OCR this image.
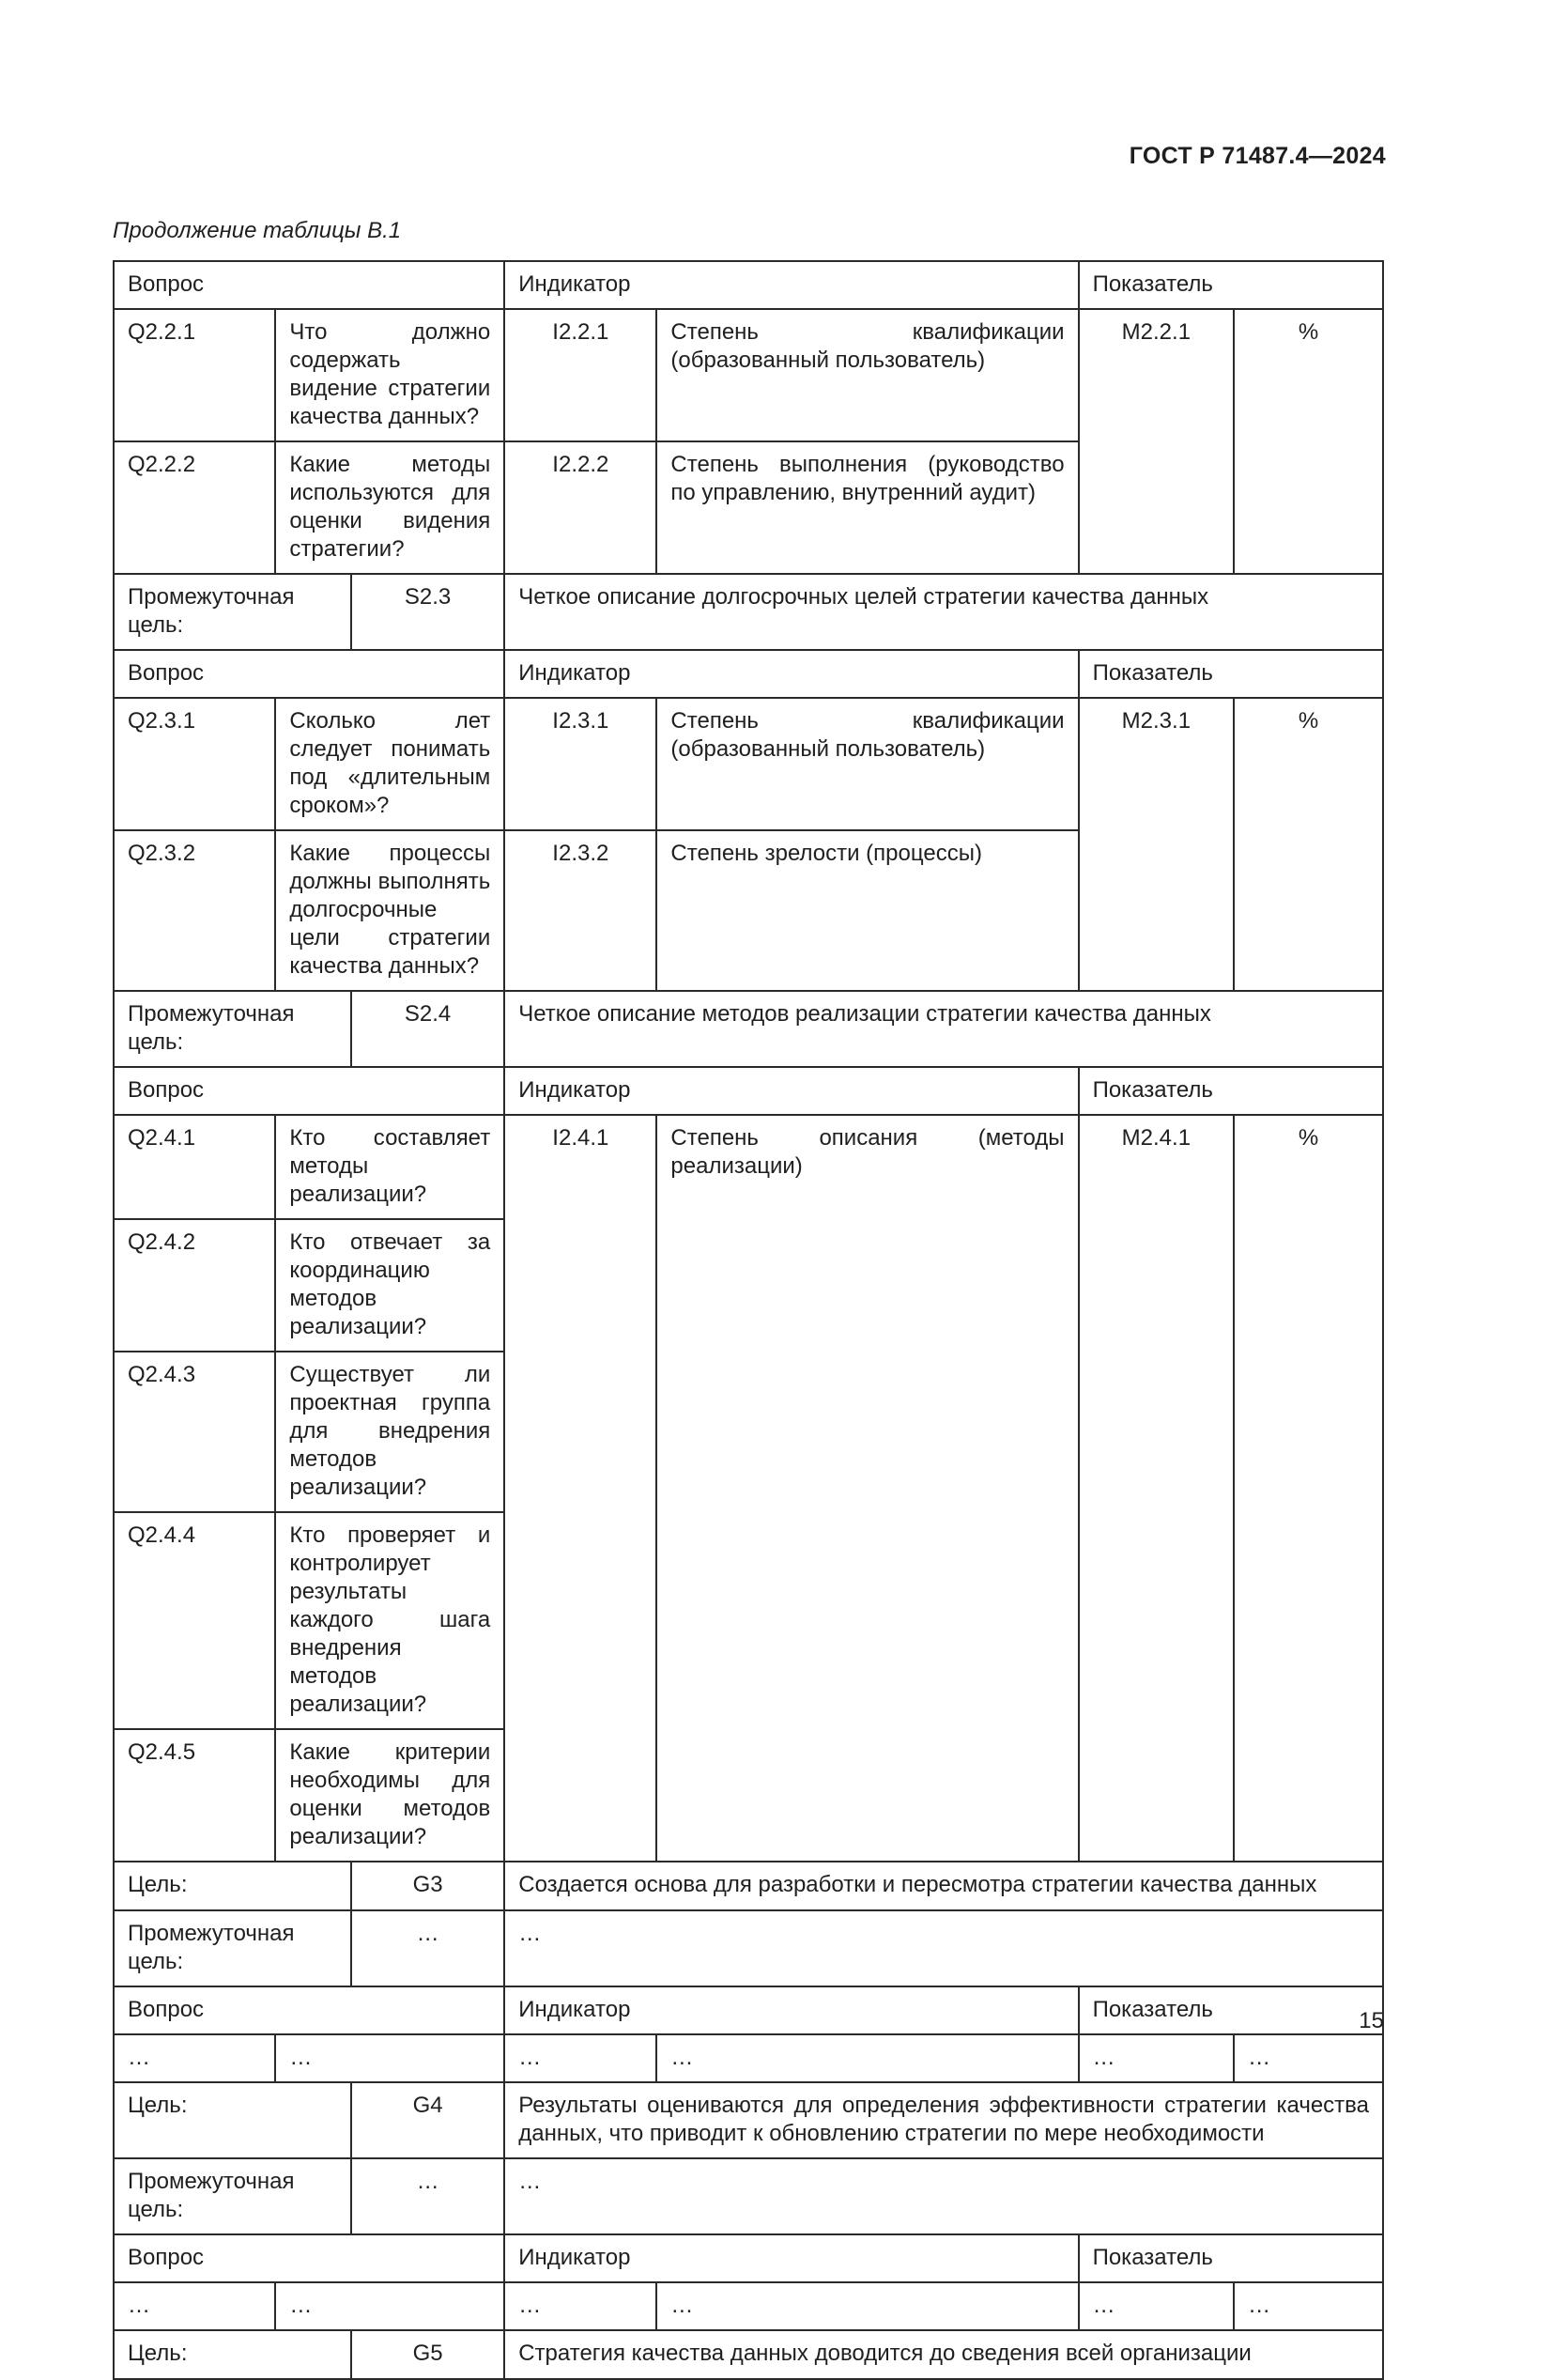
ГОСТ Р 71487.4—2024
Продолжение таблицы В.1
Вопрос			Индикатор		Показатель	
Q2.2.1	Что должно содержать видение стратегии качества данных?		I2.2.1	Степень квалификации (образованный пользователь)	M2.2.1	%
Q2.2.2	Какие методы используются для оценки видения стратегии?		I2.2.2	Степень выполнения (руководство по управлению, внутренний аудит)		
Промежуточная цель:		S2.3	Четкое описание долгосрочных целей стратегии качества данных			
Вопрос			Индикатор		Показатель	
Q2.3.1	Сколько лет следует понимать под «длительным сроком»?		I2.3.1	Степень квалификации (образованный пользователь)	M2.3.1	%
Q2.3.2	Какие процессы должны выполнять долгосрочные цели стратегии качества данных?		I2.3.2	Степень зрелости (процессы)		
Промежуточная цель:		S2.4	Четкое описание методов реализации стратегии качества данных			
Вопрос			Индикатор		Показатель	
Q2.4.1	Кто составляет методы реализации?		I2.4.1	Степень описания (методы реализации)	M2.4.1	%
Q2.4.2	Кто отвечает за координацию методов реализации?					
Q2.4.3	Существует ли проектная группа для внедрения методов реализации?					
Q2.4.4	Кто проверяет и контролирует результаты каждого шага внедрения методов реализации?					
Q2.4.5	Какие критерии необходимы для оценки методов реализации?					
Цель:		G3	Создается основа для разработки и пересмотра стратегии качества данных			
Промежуточная цель:		…	…			
Вопрос			Индикатор		Показатель	
…	…		…	…	…	…
Цель:		G4	Результаты оцениваются для определения эффективности стратегии качества данных, что приводит к обновлению стратегии по мере необходимости			
Промежуточная цель:		…	…			
Вопрос			Индикатор		Показатель	
…	…		…	…	…	…
Цель:		G5	Стратегия качества данных доводится до сведения всей организации			
15
